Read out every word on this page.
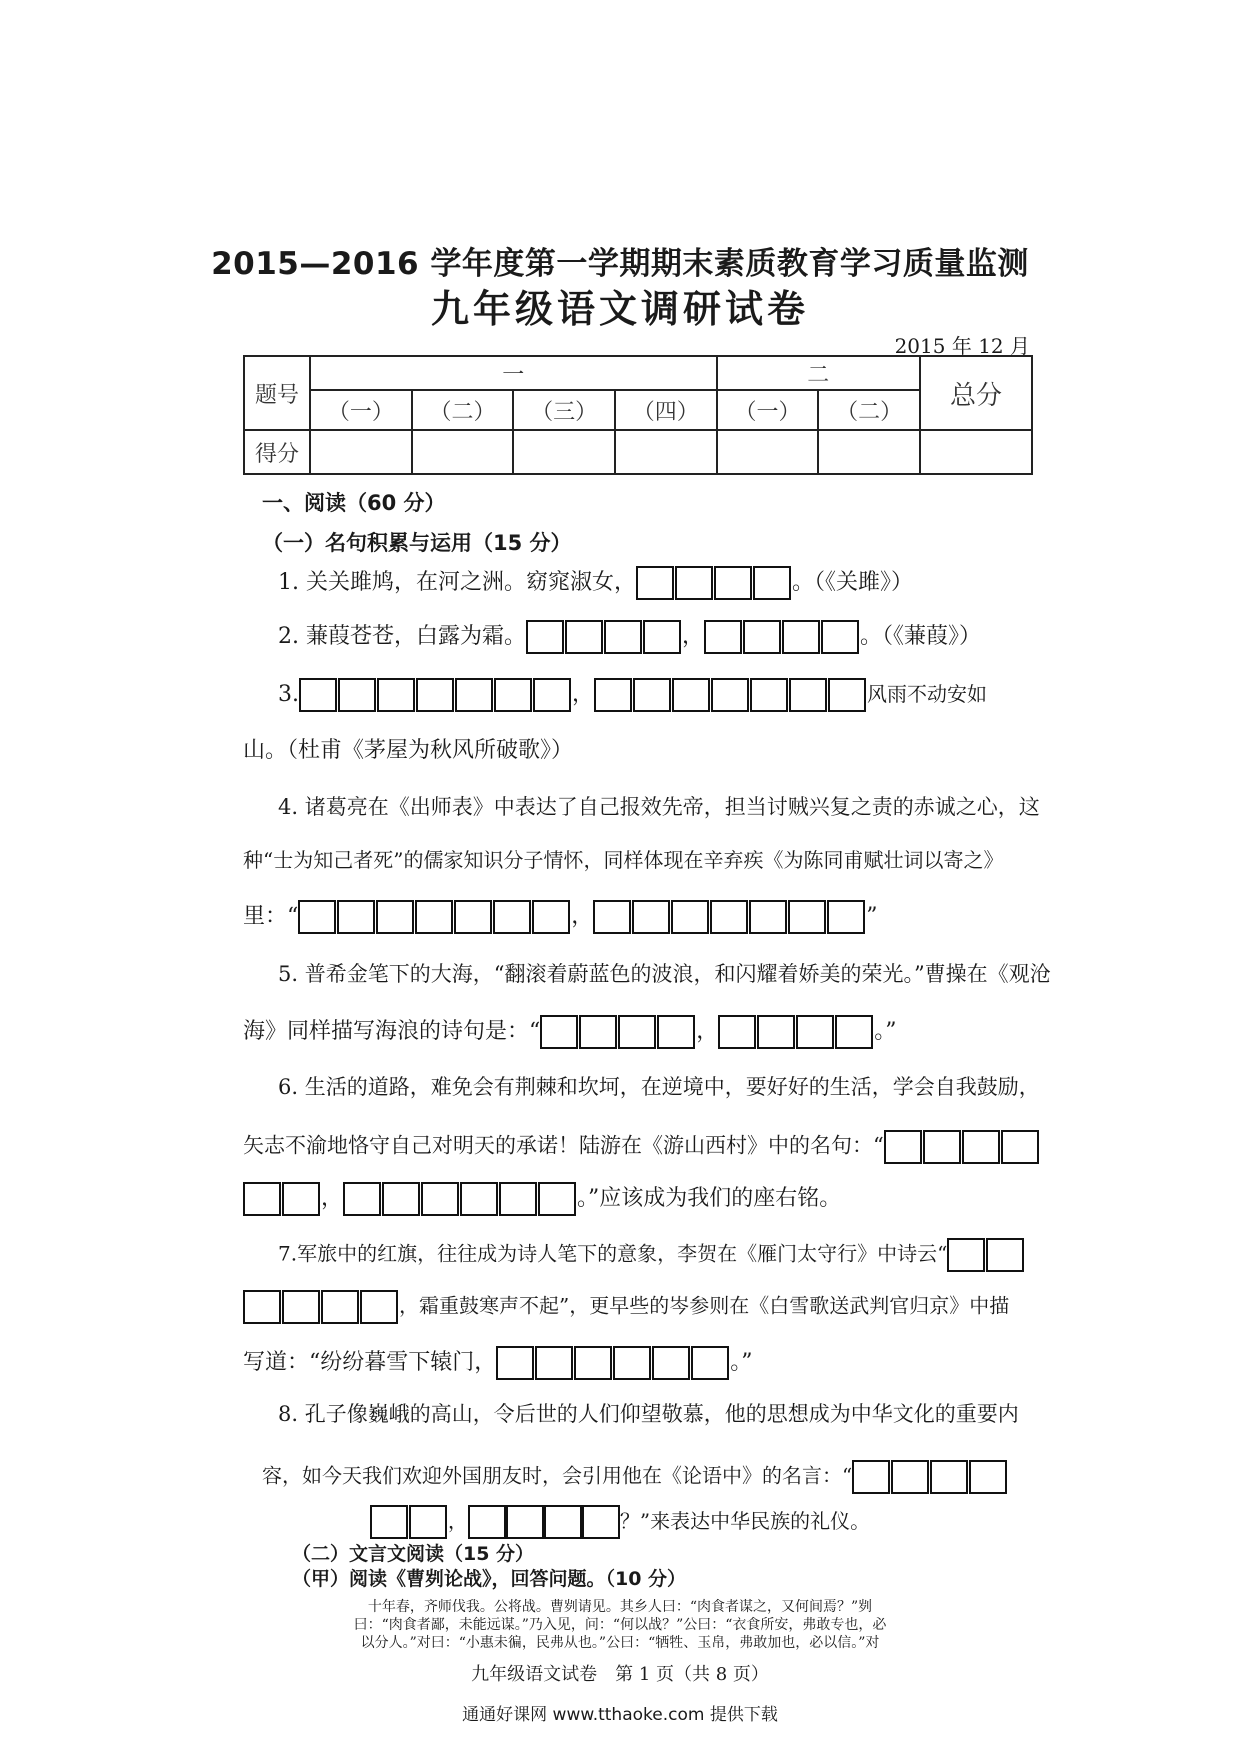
2015—2016 学年度第一学期期末素质教育学习质量监测
九年级语文调研试卷
2015 年 12 月
题号	一				二		总分
	（一）	（二）	（三）	（四）	（一）	（二）	
得分							
一、阅读（60 分）
（一）名句积累与运用（15 分）
1. 关关雎鸠，在河之洲。窈窕淑女，	。（《关雎》）
2. 蒹葭苍苍，白露为霜。	，	。（《蒹葭》）
3.	，	风雨不动安如
山。（杜甫《茅屋为秋风所破歌》）
4. 诸葛亮在《出师表》中表达了自己报效先帝，担当讨贼兴复之责的赤诚之心，这
种“士为知己者死”的儒家知识分子情怀，同样体现在辛弃疾《为陈同甫赋壮词以寄之》
里：“	，	”
5. 普希金笔下的大海，“翻滚着蔚蓝色的波浪，和闪耀着娇美的荣光。”曹操在《观沧
海》同样描写海浪的诗句是：“	，	。”
6. 生活的道路，难免会有荆棘和坎坷，在逆境中，要好好的生活，学会自我鼓励，
矢志不渝地恪守自己对明天的承诺！陆游在《游山西村》中的名句：“
，	。”应该成为我们的座右铭。
7.军旅中的红旗，往往成为诗人笔下的意象，李贺在《雁门太守行》中诗云“
，霜重鼓寒声不起”，更早些的岑参则在《白雪歌送武判官归京》中描
写道：“纷纷暮雪下辕门，	。”
8. 孔子像巍峨的高山，令后世的人们仰望敬慕，他的思想成为中华文化的重要内
容，如今天我们欢迎外国朋友时，会引用他在《论语中》的名言：“
，	？”来表达中华民族的礼仪。
（二）文言文阅读（15 分）
（甲）阅读《曹刿论战》，回答问题。（10 分）
十年春，齐师伐我。公将战。曹刿请见。其乡人曰：“肉食者谋之，又何间焉？”刿
曰：“肉食者鄙，未能远谋。”乃入见，问：“何以战？”公曰：“衣食所安，弗敢专也，必
以分人。”对曰：“小惠未徧，民弗从也。”公曰：“牺牲、玉帛，弗敢加也，必以信。”对
九年级语文试卷　第 1 页（共 8 页）
通通好课网 www.tthaoke.com 提供下载
